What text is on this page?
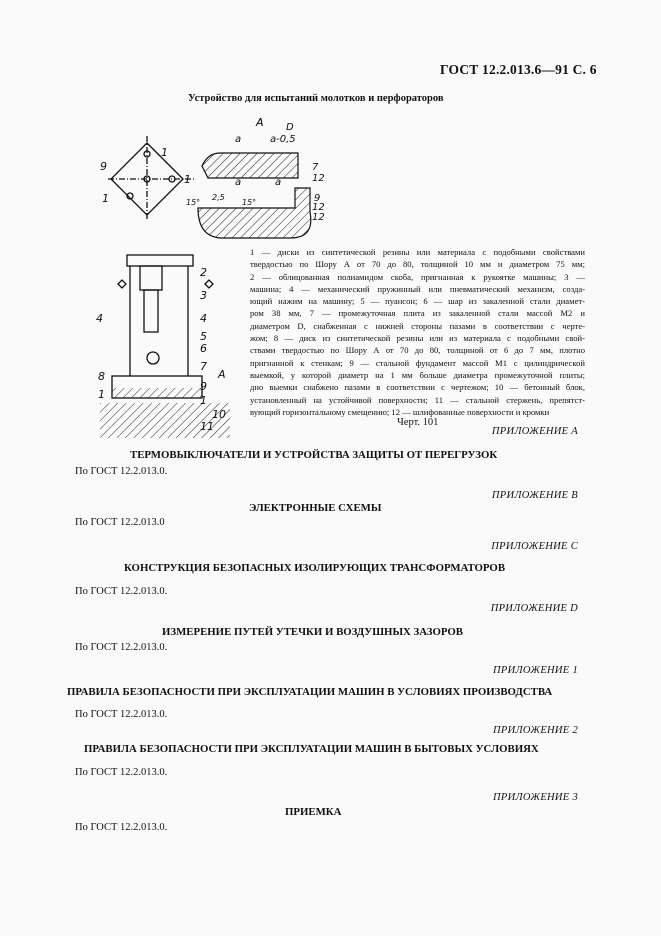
ГОСТ 12.2.013.6—91 С. 6
Устройство для испытаний молотков и перфораторов
1
1
1
9
А
a	a-0,5
a	a
D
2,5
15°	15°
7
12
9
12
12
2
3
4	4
5
6
7
А
8
9
1	1
10
11

1 — диски из синтетической резины или материала с подобными свойствами

твердостью по Шору А от 70 до 80, толщиной 10 мм и диаметром 75 мм;

2 — облицованная полиамидом скоба, пригнанная к рукоятке машины; 3 —

машина; 4 — механический пружинный или пневматический механизм, созда-

ющий нажим на машину; 5 — пуансон; 6 — шар из закаленной стали диамет-

ром 38 мм, 7 — промежуточная плита из закаленной стали массой M2 и

диаметром D, снабженная с нижней стороны пазами в соответствии с черте-

жом; 8 — диск из синтетической резины или из материала с подобными свой-

ствами твердостью по Шору А от 70 до 80, толщиной от 6 до 7 мм, плотно

пригнанной к стенкам; 9 — стальной фундамент массой M1 с цилиндрической

выемкой, у которой диаметр на 1 мм больше диаметра промежуточной плиты;

дно выемки снабжено пазами в соответствии с чертежом; 10 — бетонный блок,

установленный на устойчивой поверхности; 11 — стальной стержень, препятст-

вующий горизонтальному смещению; 12 — шлифованные поверхности и кромки

Черт. 101
ПРИЛОЖЕНИЕ А
ТЕРМОВЫКЛЮЧАТЕЛИ И УСТРОЙСТВА ЗАЩИТЫ ОТ ПЕРЕГРУЗОК
По ГОСТ 12.2.013.0.
ПРИЛОЖЕНИЕ В
ЭЛЕКТРОННЫЕ СХЕМЫ
По ГОСТ 12.2.013.0
ПРИЛОЖЕНИЕ С
КОНСТРУКЦИЯ БЕЗОПАСНЫХ ИЗОЛИРУЮЩИХ ТРАНСФОРМАТОРОВ
По ГОСТ 12.2.013.0.
ПРИЛОЖЕНИЕ D
ИЗМЕРЕНИЕ ПУТЕЙ УТЕЧКИ И ВОЗДУШНЫХ ЗАЗОРОВ
По ГОСТ 12.2.013.0.
ПРИЛОЖЕНИЕ 1
ПРАВИЛА БЕЗОПАСНОСТИ ПРИ ЭКСПЛУАТАЦИИ МАШИН В УСЛОВИЯХ ПРОИЗВОДСТВА
По ГОСТ 12.2.013.0.
ПРИЛОЖЕНИЕ 2
ПРАВИЛА БЕЗОПАСНОСТИ ПРИ ЭКСПЛУАТАЦИИ МАШИН В БЫТОВЫХ УСЛОВИЯХ
По ГОСТ 12.2.013.0.
ПРИЛОЖЕНИЕ 3
ПРИЕМКА
По ГОСТ 12.2.013.0.
